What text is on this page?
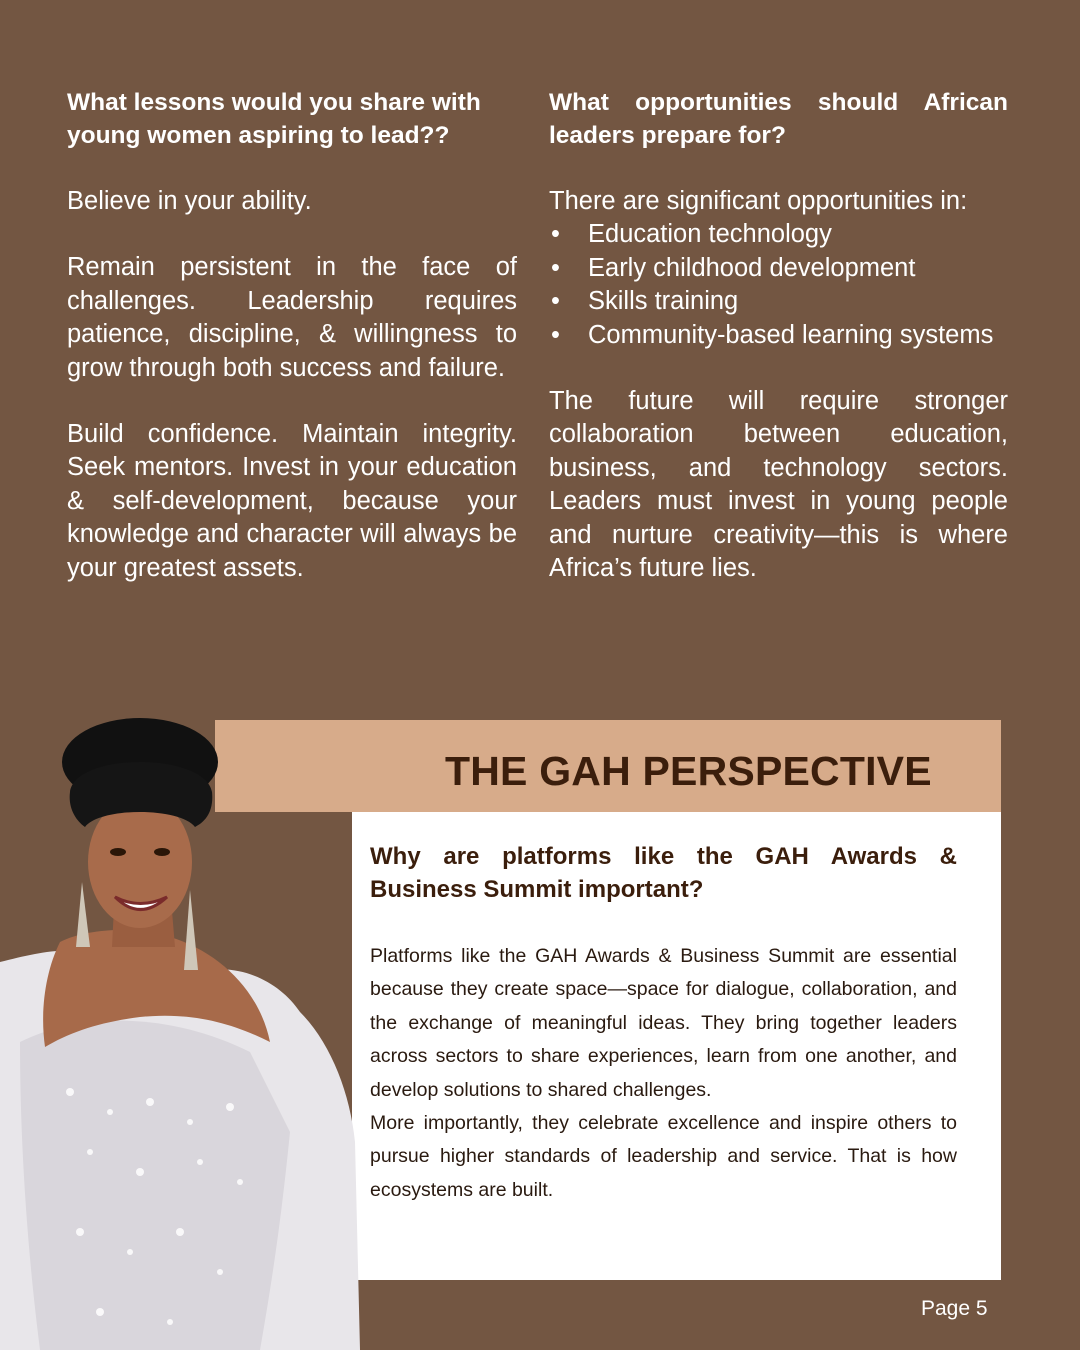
What lessons would you share with young women aspiring to lead??

Believe in your ability.

Remain persistent in the face of challenges. Leadership requires patience, discipline, & willingness to grow through both success and failure.

Build confidence. Maintain integrity. Seek mentors. Invest in your education & self-development, because your knowledge and character will always be your greatest assets.

What opportunities should African leaders prepare for?

There are significant opportunities in:

• Education technology
• Early childhood development
• Skills training
• Community-based learning systems

The future will require stronger collaboration between education, business, and technology sectors. Leaders must invest in young people and nurture creativity—this is where Africa’s future lies.

THE GAH PERSPECTIVE

Why are platforms like the GAH Awards & Business Summit important?

Platforms like the GAH Awards & Business Summit are essential because they create space—space for dialogue, collaboration, and the exchange of meaningful ideas. They bring together leaders across sectors to share experiences, learn from one another, and develop solutions to shared challenges.

More importantly, they celebrate excellence and inspire others to pursue higher standards of leadership and service. That is how ecosystems are built.

Page 5
